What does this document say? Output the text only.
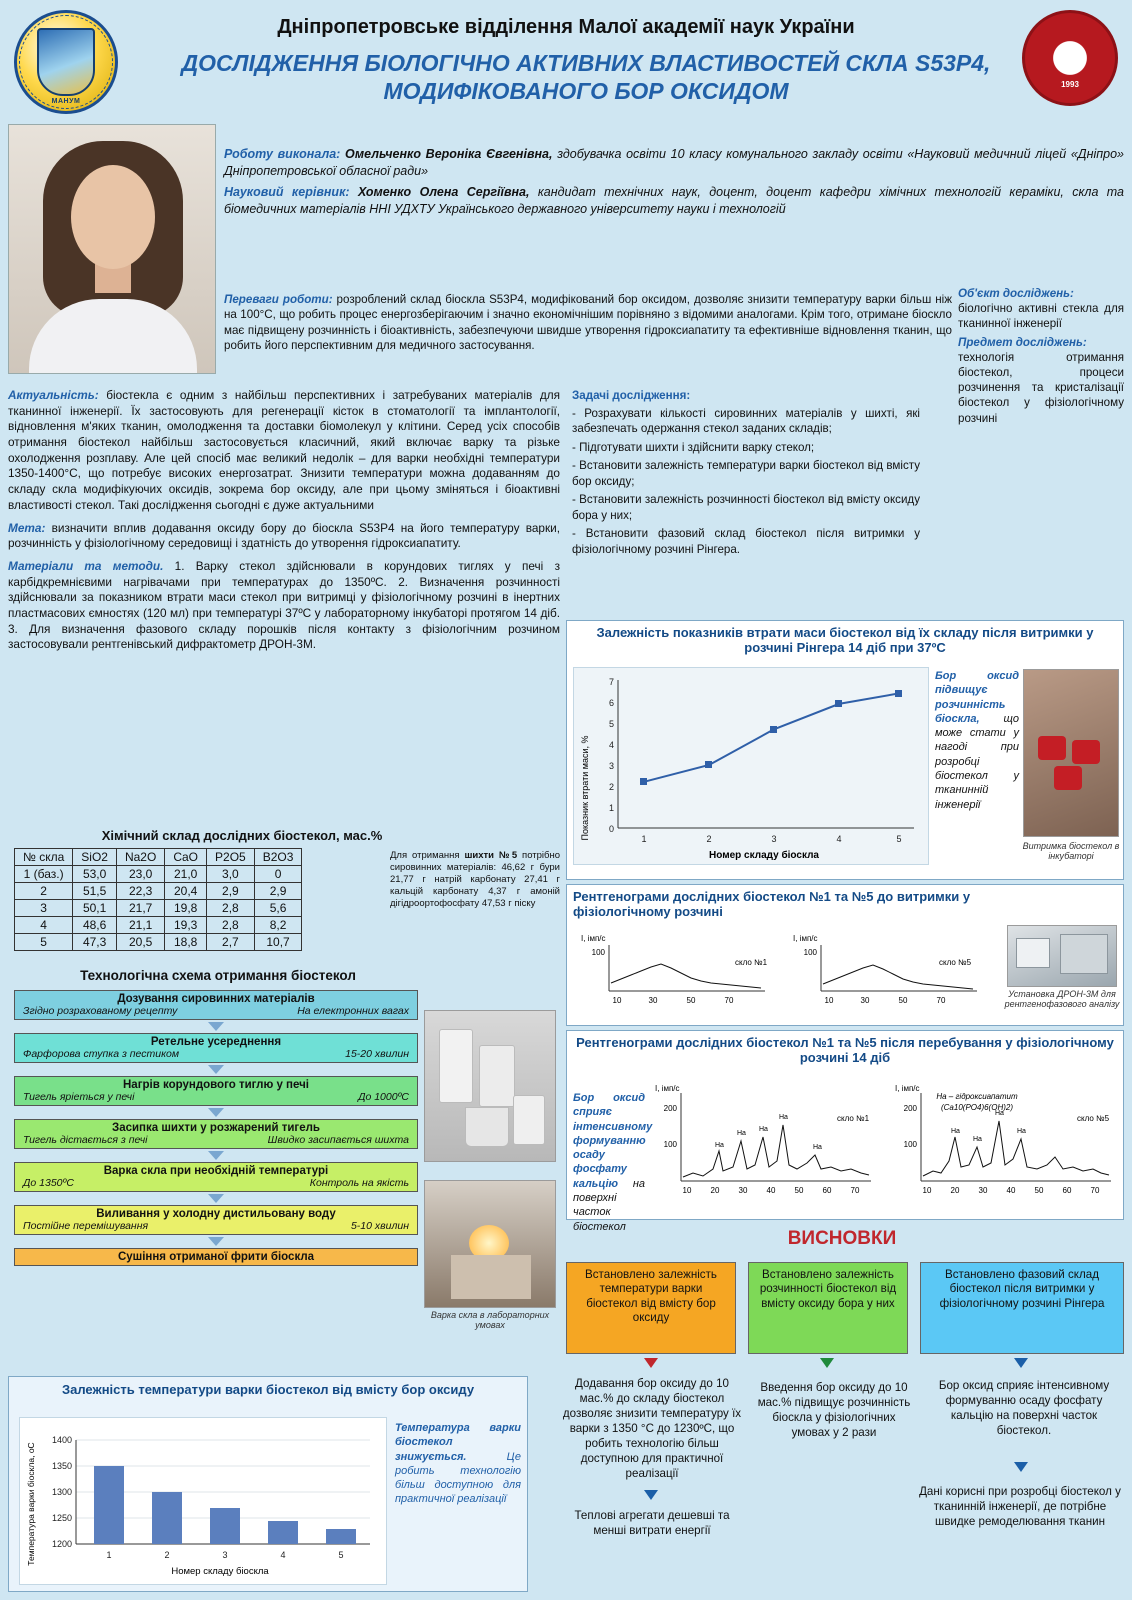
МАНУМ
1993
Дніпропетровське відділення Малої академії наук України
ДОСЛІДЖЕННЯ БІОЛОГІЧНО АКТИВНИХ ВЛАСТИВОСТЕЙ СКЛА S53P4, МОДИФІКОВАНОГО БОР ОКСИДОМ
Роботу виконала: Омельченко Вероніка Євгенівна, здобувачка освіти 10 класу комунального закладу освіти «Науковий медичний ліцей «Дніпро» Дніпропетровської обласної ради»
Науковий керівник: Хоменко Олена Сергіївна, кандидат технічних наук, доцент, доцент кафедри хімічних технологій кераміки, скла та біомедичних матеріалів ННІ УДХТУ Українського державного університету науки і технологій
Переваги роботи: розроблений склад біоскла S53P4, модифікований бор оксидом, дозволяє знизити температуру варки більш ніж на 100°С, що робить процес енергозберігаючим і значно економічнішим порівняно з відомими аналогами. Крім того, отримане біоскло має підвищену розчинність і біоактивність, забезпечуючи швидше утворення гідроксиапатиту та ефективніше відновлення тканин, що робить його перспективним для медичного застосування.
Об'єкт досліджень:
біологічно активні стекла для тканинної інженерії
Предмет досліджень:
технологія отримання біостекол, процеси розчинення та кристалізації біостекол у фізіологічному розчині

Актуальність: біостекла є одним з найбільш перспективних і затребуваних матеріалів для тканинної інженерії. Їх застосовують для регенерації кісток в стоматології та імплантології, відновлення м'яких тканин, омолодження та доставки біомолекул у клітини. Серед усіх способів отримання біостекол найбільш застосовується класичний, який включає варку та різьке охолодження розплаву. Але цей спосіб має великий недолік – для варки необхідні температури 1350-1400°С, що потребує високих енергозатрат. Знизити температури можна додаванням до складу скла модифікуючих оксидів, зокрема бор оксиду, але при цьому зміняться і біоактивні властивості стекол. Такі дослідження сьогодні є дуже актуальними

Мета: визначити вплив додавання оксиду бору до біоскла S53P4 на його температуру варки, розчинність у фізіологічному середовищі і здатність до утворення гідроксиапатиту.

Матеріали та методи. 1. Варку стекол здійснювали в корундових тиглях у печі з карбідкремнієвими нагрівачами при температурах до 1350ºС. 2. Визначення розчинності здійснювали за показником втрати маси стекол при витримці у фізіологічному розчині в інертних пластмасових ємностях (120 мл) при температурі 37ºС у лабораторному інкубаторі протягом 14 діб. 3. Для визначення фазового складу порошків після контакту з фізіологічним розчином застосовували рентгенівський дифрактометр ДРОН-3М.

Задачі дослідження:
- Розрахувати кількості сировинних матеріалів у шихті, які забезпечать одержання стекол заданих складів;
- Підготувати шихти і здійснити варку стекол;
- Встановити залежність температури варки біостекол від вмісту бор оксиду;
- Встановити залежність розчинності біостекол від вмісту оксиду бора у них;
- Встановити фазовий склад біостекол після витримки у фізіологічному розчині Рінгера.
Хімічний склад дослідних біостекол, мас.%
№ скла	SiO2	Na2O	CaO	P2O5	B2O3
1 (баз.)	53,0	23,0	21,0	3,0	0
2	51,5	22,3	20,4	2,9	2,9
3	50,1	21,7	19,8	2,8	5,6
4	48,6	21,1	19,3	2,8	8,2
5	47,3	20,5	18,8	2,7	10,7
Для отримання шихти №5 потрібно сировинних матеріалів: 46,62 г бури 21,77 г натрій карбонату 27,41 г кальцій карбонату 4,37 г амоній дігідроортофосфату 47,53 г піску
Технологічна схема отримання біостекол
Дозування сировинних матеріалів
Згідно розрахованому рецепту	На електронних вагах
Ретельне усереднення
Фарфорова ступка з пестиком	15-20 хвилин
Нагрів корундового тиглю у печі
Тигель ярieться у печі	До 1000ºС
Засипка шихти у розжарений тигель
Тигель дістається з печі	Швидко засипається шихта
Варка скла при необхідній температурі
До 1350ºС	Контроль на якість
Виливання у холодну дистильовану воду
Постійне перемішування	5-10 хвилин
Сушіння отриманої фрити біоскла
Варка скла в лабораторних умовах
Залежність показників втрати маси біостекол від їх складу після витримки у розчині Рінгера 14 діб при 37ºС
Показник втрати маси, % 0
1
2
3
4
5
6
7
1	2	3	4	5
Номер складу біоскла
Бор оксид підвищує розчинність біоскла, що може стати у нагоді при розробці біостекол у тканинній інженерії
Витримка біостекол в інкубаторі
Рентгенограми дослідних біостекол №1 та №5 до витримки у фізіологічному розчині
I, імп/с
100
10	30	50	70
скло №1
I, імп/с
100
10	30	50	70
скло №5
Установка ДРОН-3М для рентгенофазового аналізу
Рентгенограми дослідних біостекол №1 та №5 після перебування у фізіологічному розчині 14 діб
Бор оксид сприяє інтенсивному формуванню осаду фосфату кальцію на поверхні часток біостекол
I, імп/с
200
100	На
На
На
На
На
10 20 30 40 50 60 70
скло №1
I, імп/с
200
100
На
На
На
На
10 20 30 40 50 60 70
скло №5
На – гідроксиапатит
(Ca10(PO4)6(OH)2)
ВИСНОВКИ
Встановлено залежність температури варки біостекол від вмісту бор оксиду
Встановлено залежність розчинності біостекол від вмісту оксиду бора у них
Встановлено фазовий склад біостекол після витримки у фізіологічному розчині Рінгера
Додавання бор оксиду до 10 мас.% до складу біостекол дозволяє знизити температуру їх варки з 1350 °С до 1230ºС, що робить технологію більш доступною для практичної реалізації
Введення бор оксиду до 10 мас.% підвищує розчинність біоскла у фізіологічних умовах у 2 рази
Бор оксид сприяє інтенсивному формуванню осаду фосфату кальцію на поверхні часток біостекол.
Теплові агрегати дешевші та менші витрати енергії
Дані корисні при розробці біостекол у тканинній інженерії, де потрібне швидке ремоделювання тканин
Залежність температури варки біостекол від вмісту бор оксиду
Температура варки біоскла, оС 1200
1250
1300
1350
1400
1	2	3	4	5
Номер складу біоскла
Температура варки біостекол знижується.	Це робить технологію більш доступною для практичної реалізації
